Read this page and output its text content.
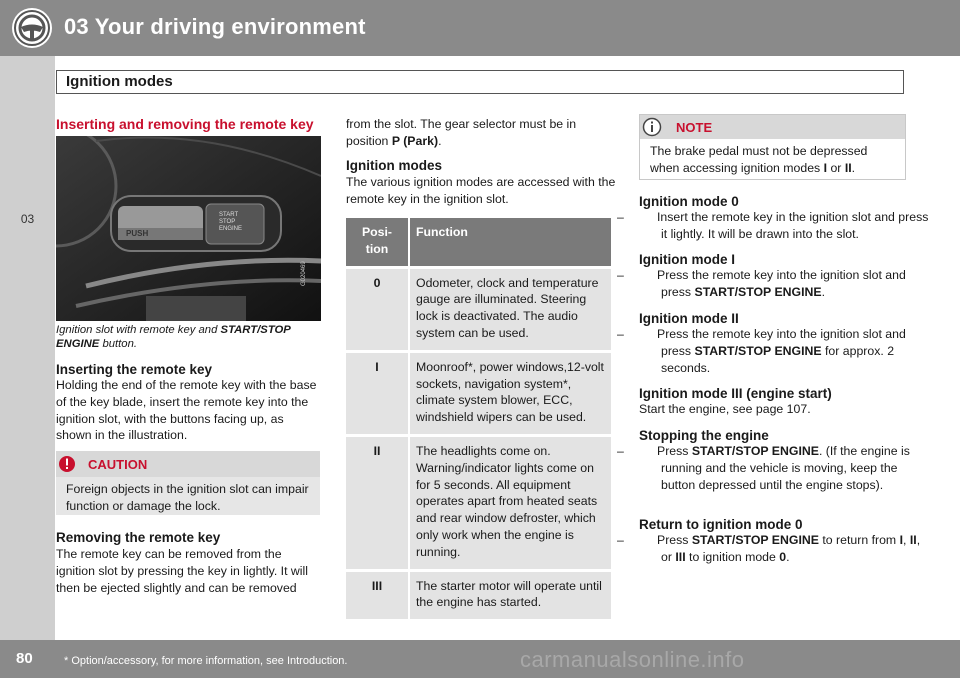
03 Your driving environment
03
Ignition modes
Inserting and removing the remote key
PUSH
START
STOP
ENGINE
G020469
Ignition slot with remote key and START/STOP ENGINE button.
Inserting the remote key
Holding the end of the remote key with the base of the key blade, insert the remote key into the ignition slot, with the buttons facing up, as shown in the illustration.
CAUTION
Foreign objects in the ignition slot can impair function or damage the lock.
Removing the remote key
The remote key can be removed from the ignition slot by pressing the key in lightly. It will then be ejected slightly and can be removed
from the slot. The gear selector must be in position P (Park).
Ignition modes
The various ignition modes are accessed with the remote key in the ignition slot.
Posi-tion	Function
0	Odometer, clock and temperature gauge are illuminated. Steering lock is deactivated. The audio system can be used.
I	Moonroof*, power windows,12-volt sockets, navigation system*, climate system blower, ECC, windshield wipers can be used.
II	The headlights come on. Warning/indicator lights come on for 5 seconds. All equipment operates apart from heated seats and rear window defroster, which only work when the engine is running.
III	The starter motor will operate until the engine has started.
NOTE
The brake pedal must not be depressed when accessing ignition modes I or II.
Ignition mode 0
–	Insert the remote key in the ignition slot and press it lightly. It will be drawn into the slot.
Ignition mode I
–	Press the remote key into the ignition slot and press START/STOP ENGINE.
Ignition mode II
–	Press the remote key into the ignition slot and press START/STOP ENGINE for approx. 2 seconds.
Ignition mode III (engine start)
Start the engine, see page 107.
Stopping the engine
–	Press START/STOP ENGINE. (If the engine is running and the vehicle is moving, keep the button depressed until the engine stops).
Return to ignition mode 0
–	Press START/STOP ENGINE to return from I, II, or III to ignition mode 0.
80	* Option/accessory, for more information, see Introduction.	carmanualsonline.info
